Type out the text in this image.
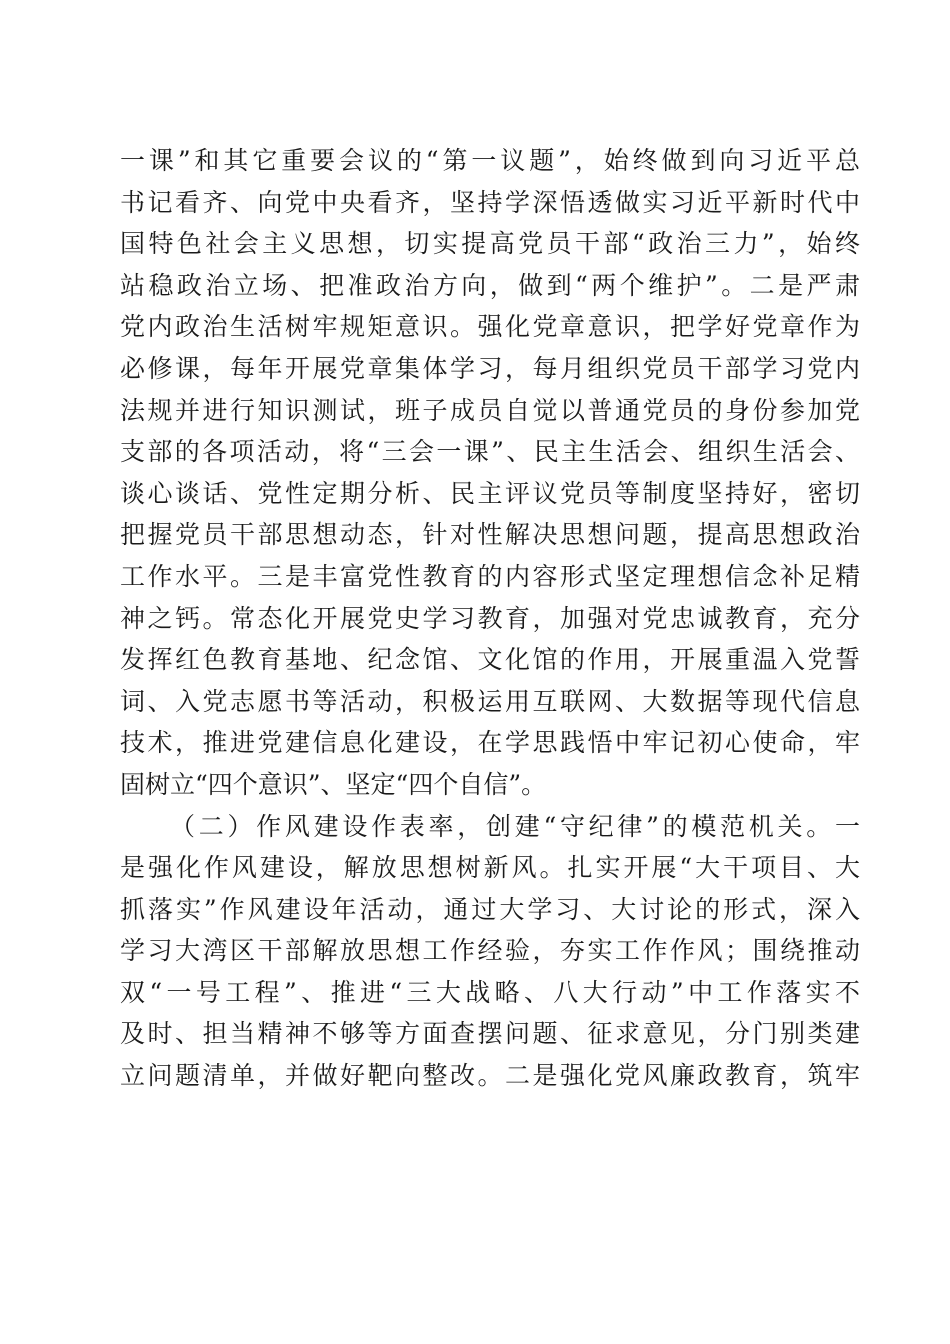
一课”和其它重要会议的“第一议题”，始终做到向习近平总
书记看齐、向党中央看齐，坚持学深悟透做实习近平新时代中
国特色社会主义思想，切实提高党员干部“政治三力”，始终
站稳政治立场、把准政治方向，做到“两个维护”。二是严肃
党内政治生活树牢规矩意识。强化党章意识，把学好党章作为
必修课，每年开展党章集体学习，每月组织党员干部学习党内
法规并进行知识测试，班子成员自觉以普通党员的身份参加党
支部的各项活动，将“三会一课”、民主生活会、组织生活会、
谈心谈话、党性定期分析、民主评议党员等制度坚持好，密切
把握党员干部思想动态，针对性解决思想问题，提高思想政治
工作水平。三是丰富党性教育的内容形式坚定理想信念补足精
神之钙。常态化开展党史学习教育，加强对党忠诚教育，充分
发挥红色教育基地、纪念馆、文化馆的作用，开展重温入党誓
词、入党志愿书等活动，积极运用互联网、大数据等现代信息
技术，推进党建信息化建设，在学思践悟中牢记初心使命，牢
固树立“四个意识”、坚定“四个自信”。
（二）作风建设作表率，创建“守纪律”的模范机关。一
是强化作风建设，解放思想树新风。扎实开展“大干项目、大
抓落实”作风建设年活动，通过大学习、大讨论的形式，深入
学习大湾区干部解放思想工作经验，夯实工作作风；围绕推动
双“一号工程”、推进“三大战略、八大行动”中工作落实不
及时、担当精神不够等方面查摆问题、征求意见，分门别类建
立问题清单，并做好靶向整改。二是强化党风廉政教育，筑牢
